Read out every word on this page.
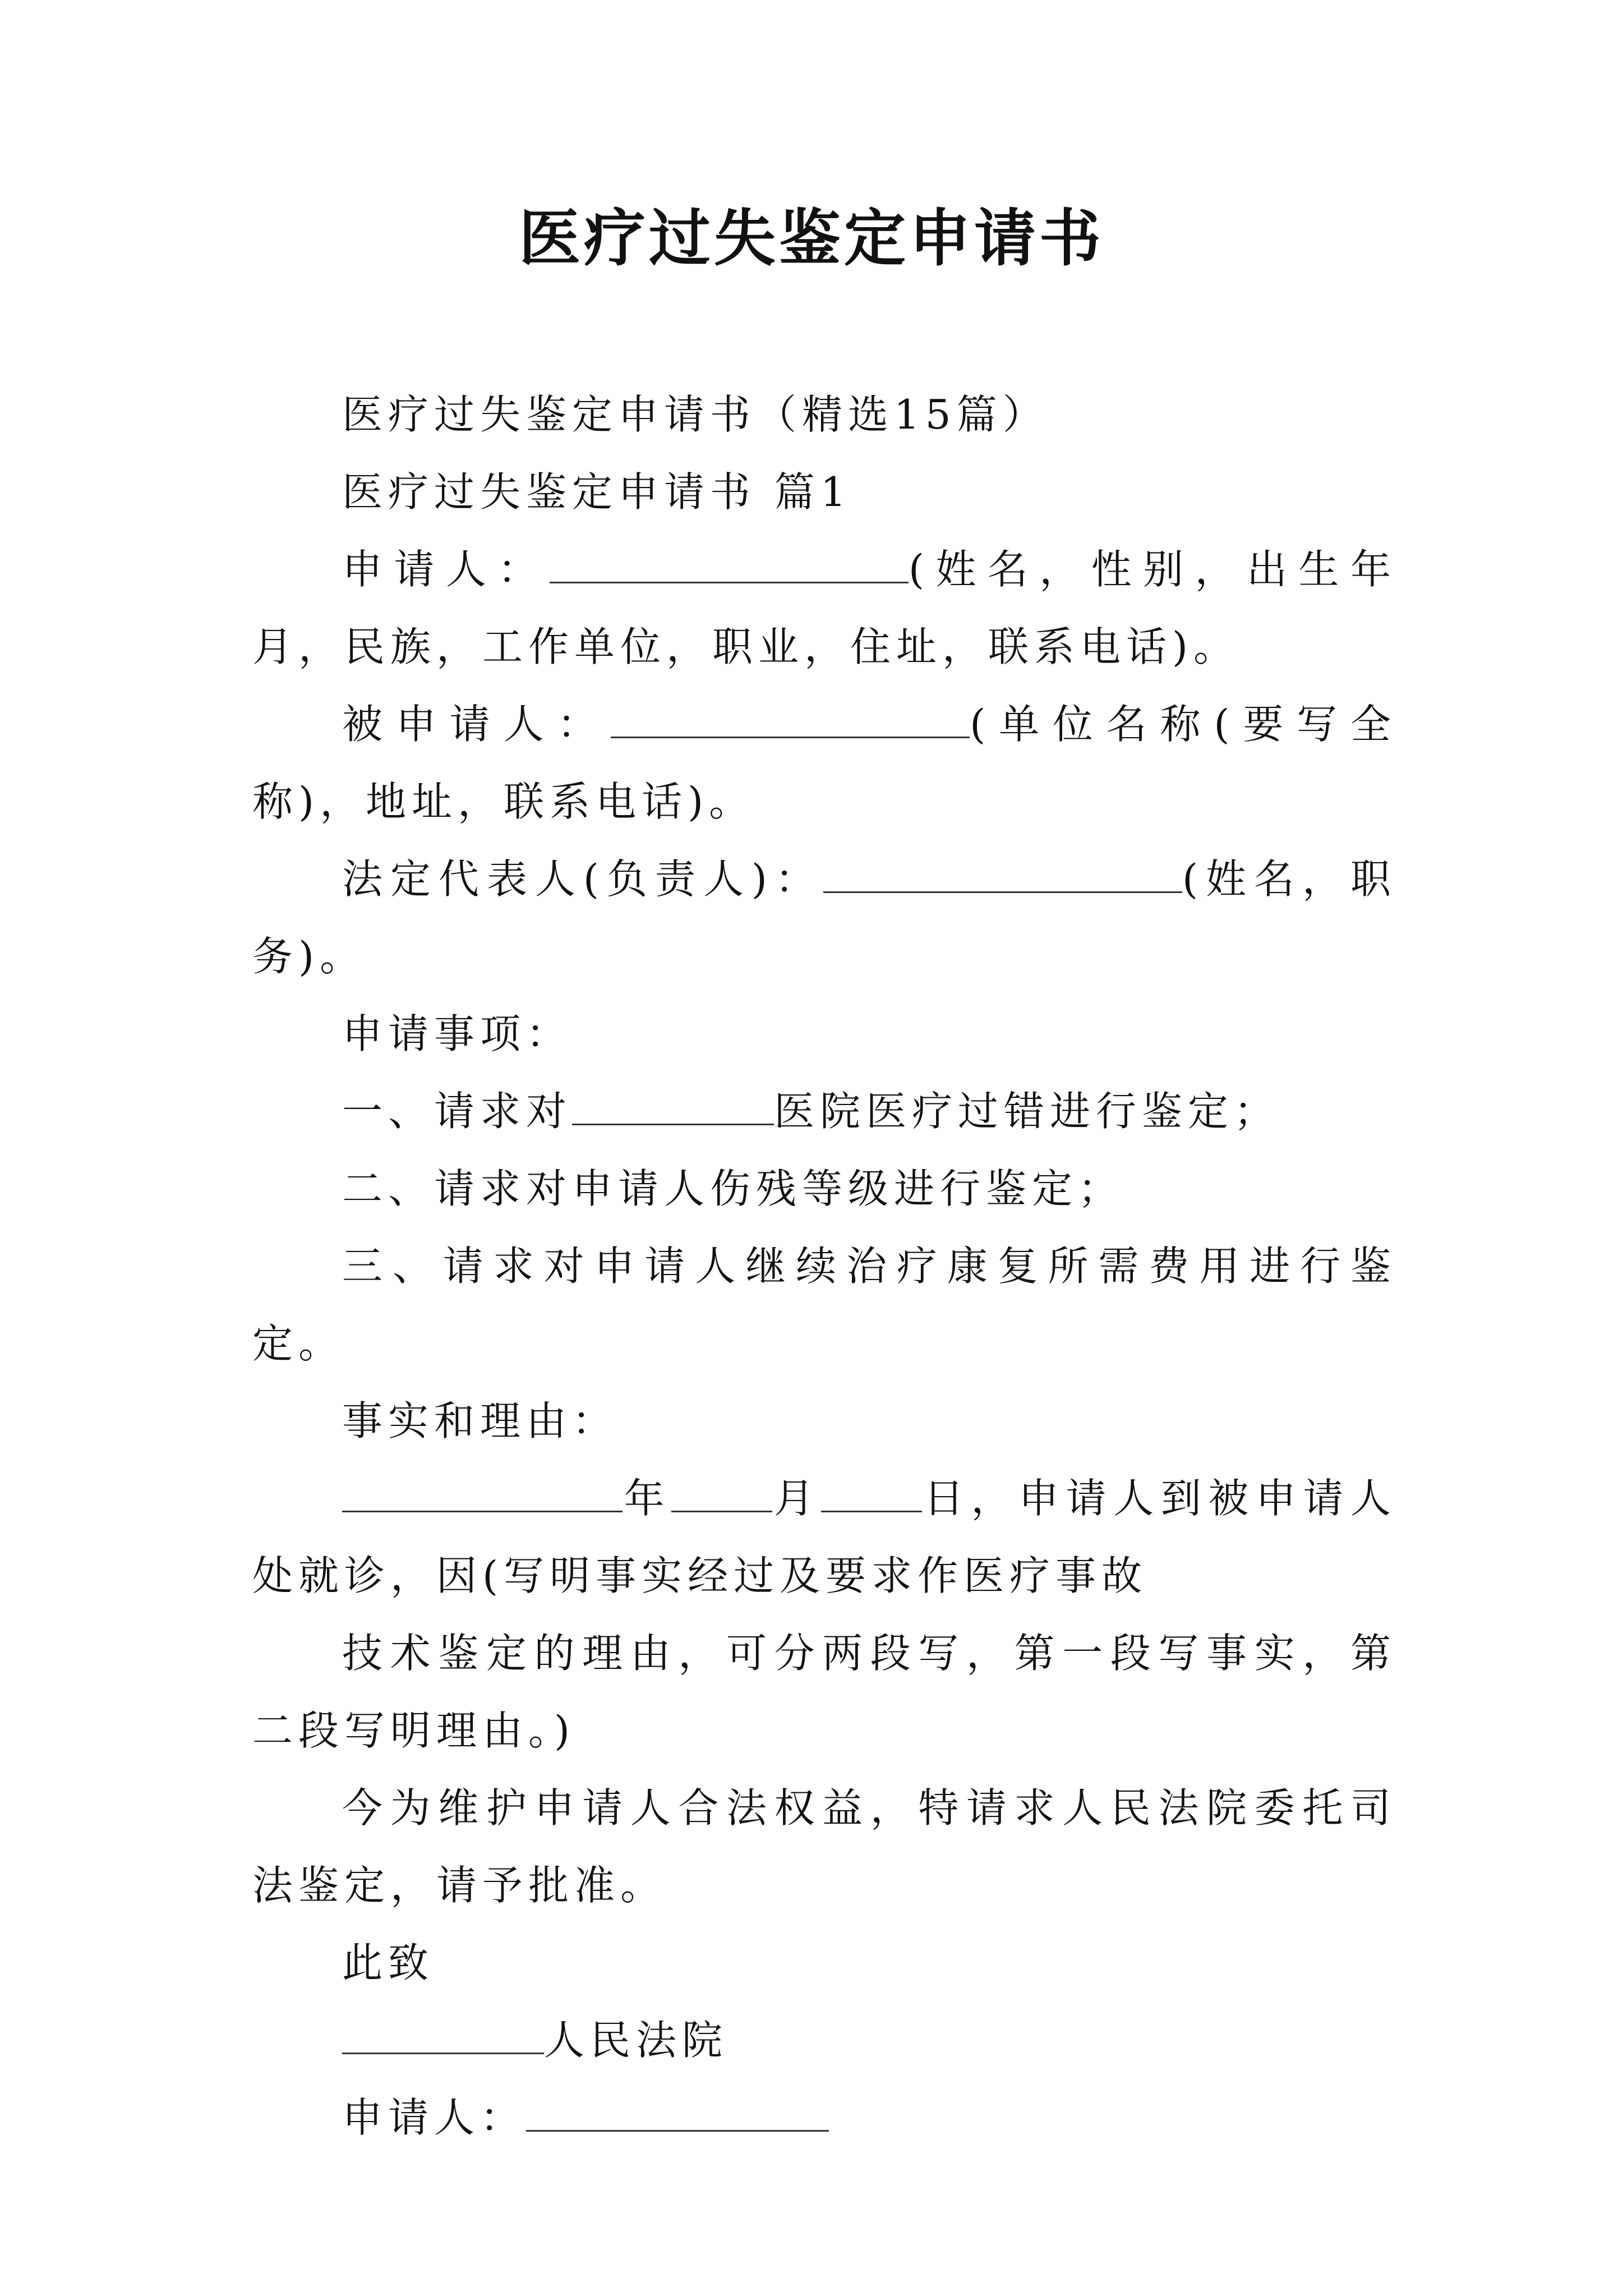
医疗过失鉴定申请书

医疗过失鉴定申请书（精选15篇）

医疗过失鉴定申请书 篇1

申请人：	(姓名，性别，出生年月，民族，工作单位，职业，住址，联系电话)。

被申请人：	(单位名称(要写全称)，地址，联系电话)。

法定代表人(负责人)：	(姓名，职务)。

申请事项：

一、请求对	医院医疗过错进行鉴定；

二、请求对申请人伤残等级进行鉴定；

三、请求对申请人继续治疗康复所需费用进行鉴定。

事实和理由：

年	月	日，申请人到被申请人处就诊，因(写明事实经过及要求作医疗事故

技术鉴定的理由，可分两段写，第一段写事实，第二段写明理由。)

今为维护申请人合法权益，特请求人民法院委托司法鉴定，请予批准。

此致

人民法院

申请人：
